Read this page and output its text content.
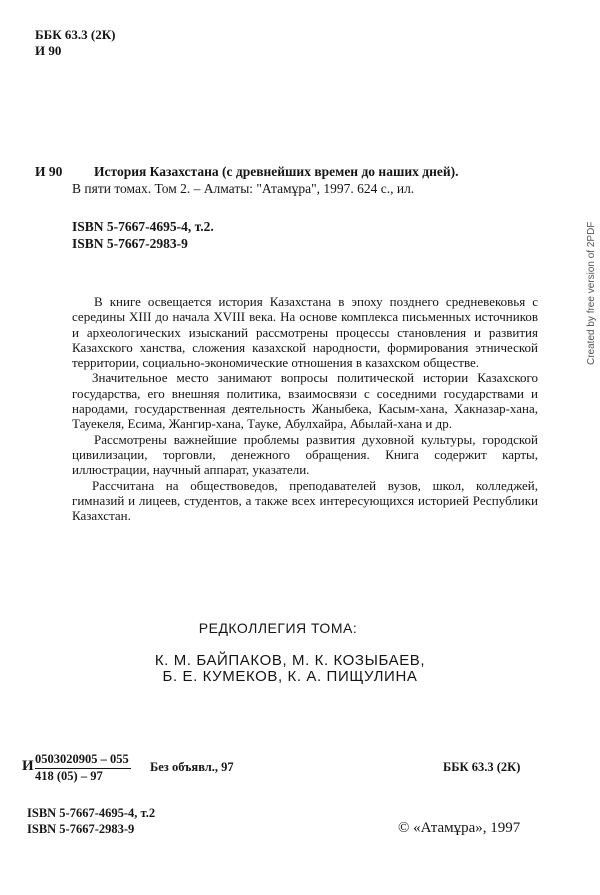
ББК 63.3 (2К)
И 90
И 90 История Казахстана (с древнейших времен до наших дней).
В пяти томах. Том 2. – Алматы: "Атамұра", 1997. 624 с., ил.
ISBN 5-7667-4695-4, т.2.
ISBN 5-7667-2983-9

В книге освещается история Казахстана в эпоху позднего средневековья с середины XIII до начала XVIII века. На основе комплекса письменных источников и археологических изысканий рассмотрены процессы становления и развития Казахского ханства, сложения казахской народности, формирования этнической территории, социально-экономические отношения в казахском обществе.

Значительное место занимают вопросы политической истории Казахского государства, его внешняя политика, взаимосвязи с соседними государствами и народами, государственная деятельность Жаныбека, Касым-хана, Хакназар-хана, Тауекеля, Есима, Жангир-хана, Тауке, Абулхайра, Абылай-хана и др.

Рассмотрены важнейшие проблемы развития духовной культуры, городской цивилизации, торговли, денежного обращения. Книга содержит карты, иллюстрации, научный аппарат, указатели.

Рассчитана на обществоведов, преподавателей вузов, школ, колледжей, гимназий и лицеев, студентов, а также всех интересующихся историей Республики Казахстан.

РЕДКОЛЛЕГИЯ ТОМА:
К. М. БАЙПАКОВ, М. К. КОЗЫБАЕВ,
Б. Е. КУМЕКОВ, К. А. ПИЩУЛИНА
И $\frac{0503020905 - 055}{418 (05) - 97}$ Без объявл., 97	ББК 63.3 (2К)
ISBN 5-7667-4695-4, т.2
ISBN 5-7667-2983-9	© «Атамұра», 1997
Created by free version of 2PDF
